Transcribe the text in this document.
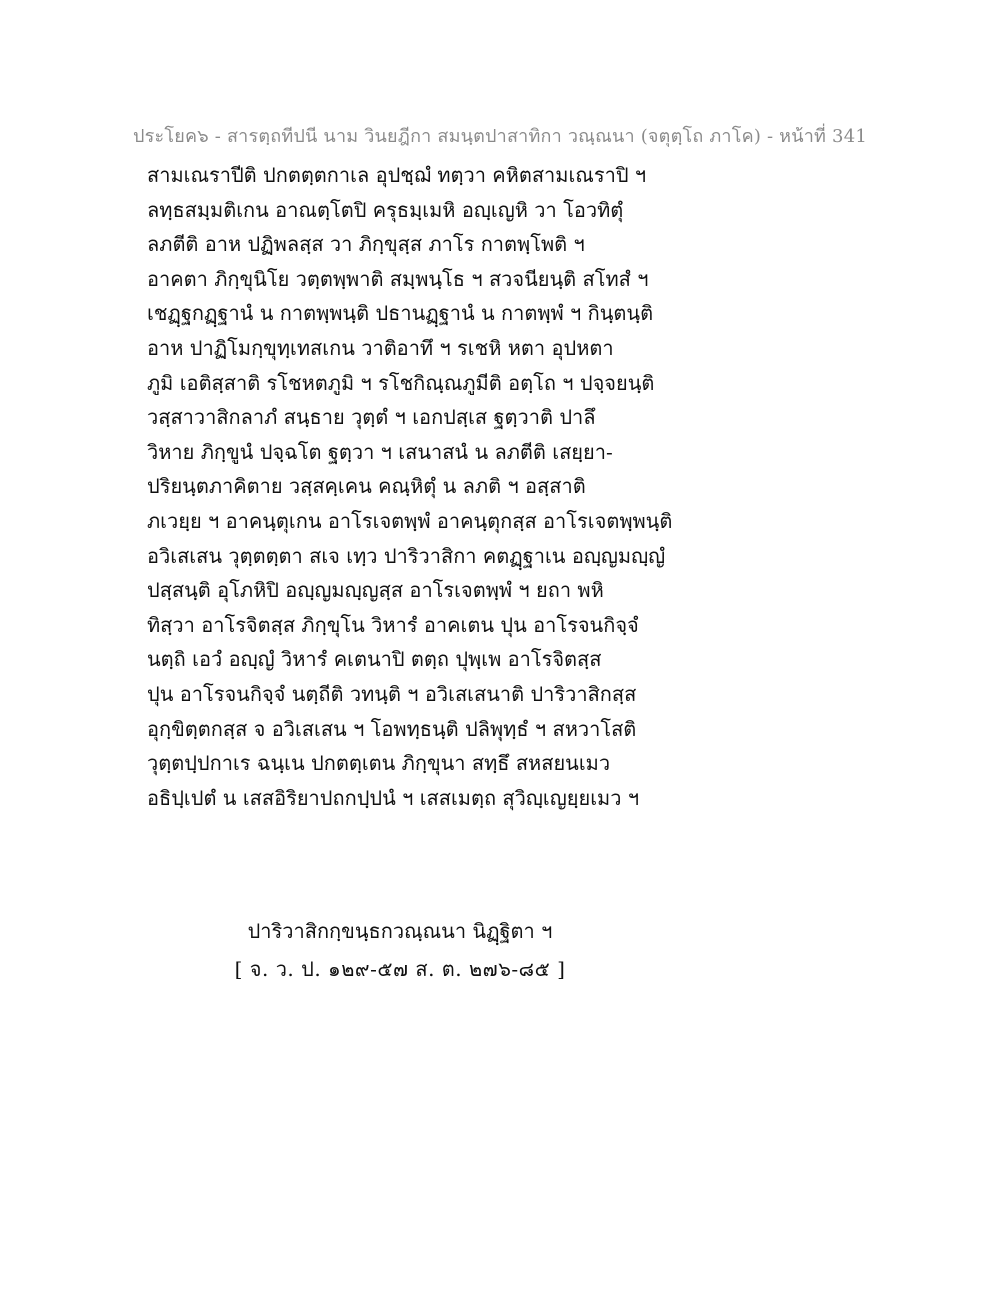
ประโยค๖ - สารตฺถทีปนี นาม วินยฎีกา สมนฺตปาสาทิกา วณฺณนา (จตุตฺโถ ภาโค) - หน้าที่ 341
สามเณราปีติ ปกตตฺตกาเล อุปชฺฌํ ทตฺวา คหิตสามเณราปิ ฯ
ลทฺธสมฺมติเกน อาณตฺโตปิ ครุธมฺเมหิ อญฺเญหิ วา โอวทิตุํ
ลภตีติ อาห ปฏิพลสฺส วา ภิกฺขุสฺส ภาโร กาตพฺโพติ ฯ
อาคตา ภิกฺขุนิโย วตฺตพฺพาติ สมฺพนฺโธ ฯ สวจนียนฺติ สโทสํ ฯ
เชฏฺฐกฏฺฐานํ น กาตพฺพนฺติ ปธานฏฺฐานํ น กาตพฺพํ ฯ กินฺตนฺติ
อาห ปาฏิโมกฺขุทฺเทสเกน วาติอาทึ ฯ รเชหิ หตา อุปหตา
ภูมิ เอติสฺสาติ รโชหตภูมิ ฯ รโชกิณฺณภูมีติ อตฺโถ ฯ ปจฺจยนฺติ
วสฺสาวาสิกลาภํ สนฺธาย วุตฺตํ ฯ เอกปสฺเส ฐตฺวาติ ปาลึ
วิหาย ภิกฺขูนํ ปจฺฉโต ฐตฺวา ฯ เสนาสนํ น ลภตีติ เสยฺยา-
ปริยนฺตภาคิตาย วสฺสคฺเคน คณฺหิตุํ น ลภติ ฯ อสฺสาติ
ภเวยฺย ฯ อาคนฺตุเกน อาโรเจตพฺพํ อาคนฺตุกสฺส อาโรเจตพฺพนฺติ
อวิเสเสน วุตฺตตฺตา สเจ เทฺว ปาริวาสิกา คตฏฺฐาเน อญฺญมญฺญํ
ปสฺสนฺติ อุโภหิปิ อญฺญมญฺญสฺส อาโรเจตพฺพํ ฯ ยถา พหิ
ทิสฺวา อาโรจิตสฺส ภิกฺขุโน วิหารํ อาคเตน ปุน อาโรจนกิจฺจํ
นตฺถิ เอวํ อญฺญํ วิหารํ คเตนาปิ ตตฺถ ปุพฺเพ อาโรจิตสฺส
ปุน อาโรจนกิจฺจํ นตฺถีติ วทนฺติ ฯ อวิเสเสนาติ ปาริวาสิกสฺส
อุกฺขิตฺตกสฺส จ อวิเสเสน ฯ โอพทฺธนฺติ ปลิพุทฺธํ ฯ สหวาโสติ
วุตฺตปฺปกาเร ฉนฺเน ปกตตฺเตน ภิกฺขุนา สทฺธึ สหสยนเมว
อธิปฺเปตํ น เสสอิริยาปถกปฺปนํ ฯ เสสเมตฺถ สุวิญฺเญยฺยเมว ฯ
ปาริวาสิกกฺขนฺธกวณฺณนา นิฏฺฐิตา ฯ
[ จ. ว. ป. ๑๒๙-๕๗ ส. ต. ๒๗๖-๘๕ ]
